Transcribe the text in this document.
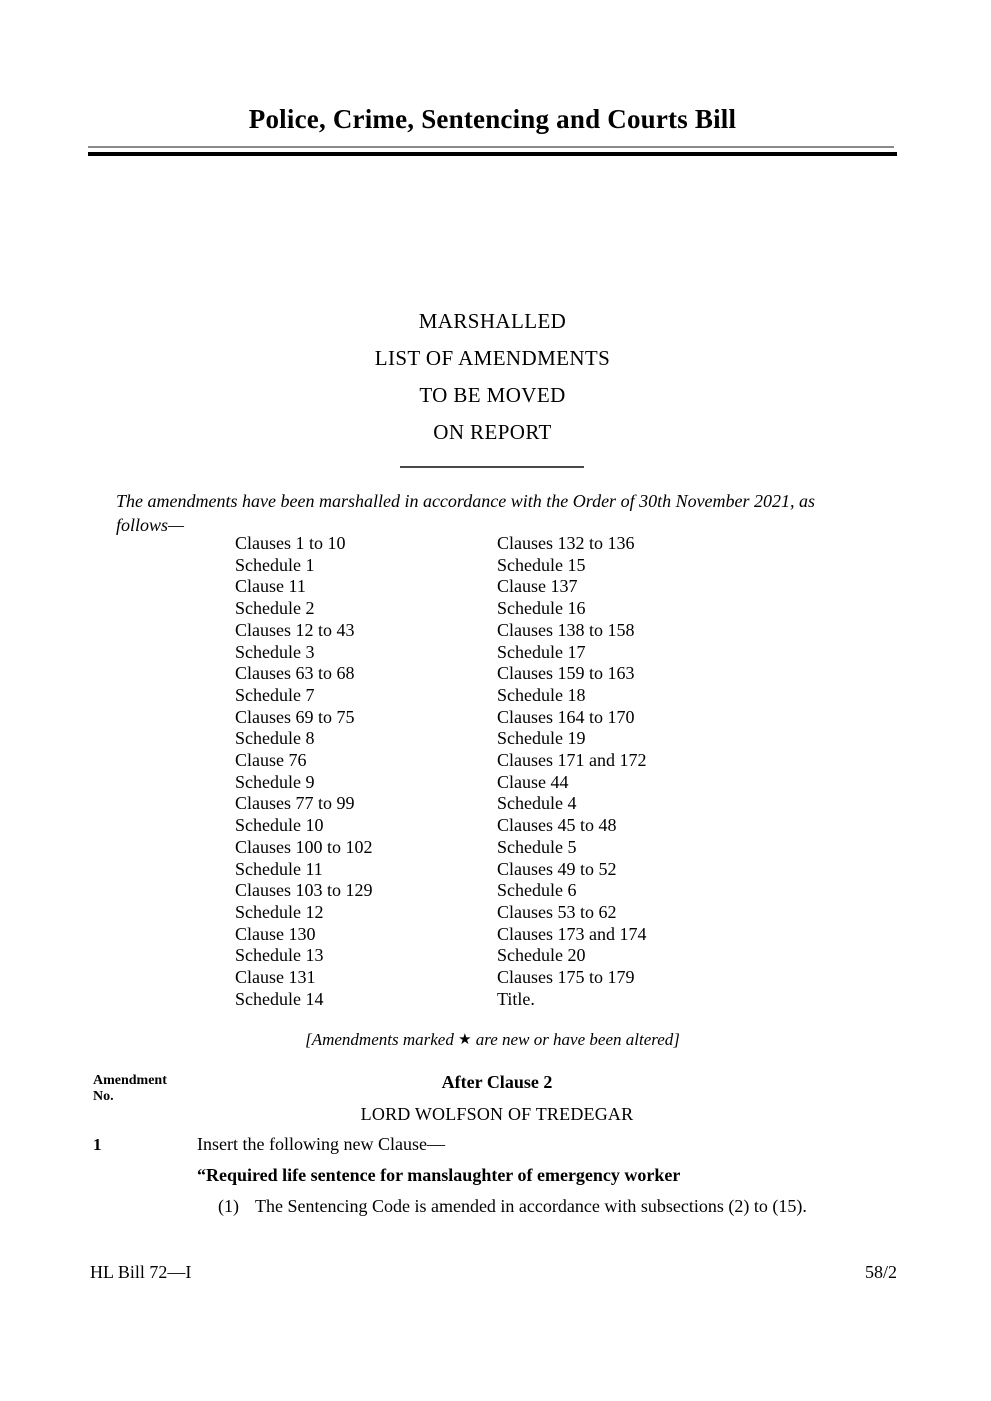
Police, Crime, Sentencing and Courts Bill
MARSHALLED
LIST OF AMENDMENTS
TO BE MOVED
ON REPORT
The amendments have been marshalled in accordance with the Order of 30th November 2021, as
follows—
Clauses 1 to 10
Schedule 1
Clause 11
Schedule 2
Clauses 12 to 43
Schedule 3
Clauses 63 to 68
Schedule 7
Clauses 69 to 75
Schedule 8
Clause 76
Schedule 9
Clauses 77 to 99
Schedule 10
Clauses 100 to 102
Schedule 11
Clauses 103 to 129
Schedule 12
Clause 130
Schedule 13
Clause 131
Schedule 14
Clauses 132 to 136
Schedule 15
Clause 137
Schedule 16
Clauses 138 to 158
Schedule 17
Clauses 159 to 163
Schedule 18
Clauses 164 to 170
Schedule 19
Clauses 171 and 172
Clause 44
Schedule 4
Clauses 45 to 48
Schedule 5
Clauses 49 to 52
Schedule 6
Clauses 53 to 62
Clauses 173 and 174
Schedule 20
Clauses 175 to 179
Title.
[Amendments marked ★ are new or have been altered]
Amendment
No.
After Clause 2
LORD WOLFSON OF TREDEGAR
1	Insert the following new Clause—
“Required life sentence for manslaughter of emergency worker
(1) The Sentencing Code is amended in accordance with subsections (2) to (15).
HL Bill 72—I	58/2
